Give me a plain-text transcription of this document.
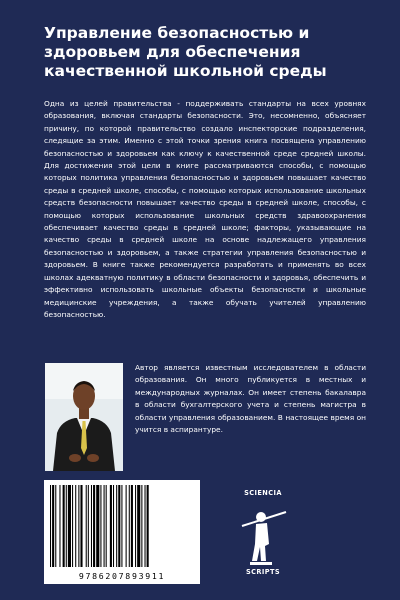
Управление безопасностью и
здоровьем для обеспечения
качественной школьной среды

Одна из целей правительства - поддерживать стандарты на всех уровнях образования, включая стандарты безопасности. Это, несомненно, объясняет причину, по которой правительство создало инспекторские подразделения, следящие за этим. Именно с этой точки зрения книга посвящена управлению безопасностью и здоровьем как ключу к качественной среде средней школы. Для достижения этой цели в книге рассматриваются способы, с помощью которых политика управления безопасностью и здоровьем повышает качество среды в средней школе, способы, с помощью которых использование школьных средств безопасности повышает качество среды в средней школе, способы, с помощью которых использование школьных средств здравоохранения обеспечивает качество среды в средней школе; факторы, указывающие на качество среды в средней школе на основе надлежащего управления безопасностью и здоровьем, а также стратегии управления безопасностью и здоровьем. В книге также рекомендуется разработать и применять во всех школах адекватную политику в области безопасности и здоровья, обеспечить и эффективно использовать школьные объекты безопасности и школьные медицинские учреждения, а также обучать учителей управлению безопасностью.

Автор является известным исследователем в области образования. Он много публикуется в местных и международных журналах. Он имеет степень бакалавра в области бухгалтерского учета и степень магистра в области управления образованием. В настоящее время он учится в аспирантуре.

9786207893911
SCIENCIA
SCRIPTS
